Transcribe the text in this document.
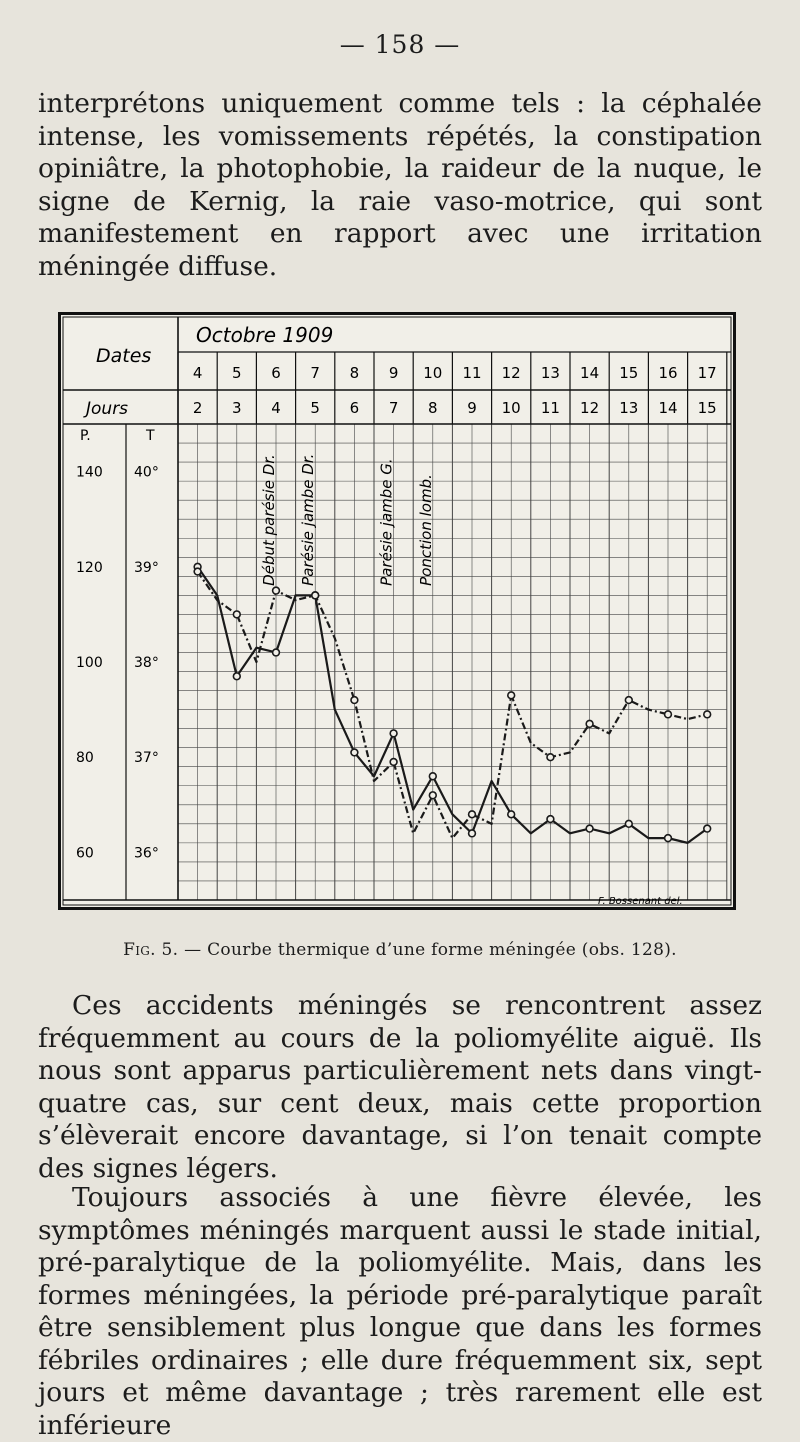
— 158 —

interprétons uniquement comme tels : la céphalée intense, les vomissements répétés, la constipation opiniâtre, la photophobie, la raideur de la nuque, le signe de Kernig, la raie vaso-motrice, qui sont manifestement en rapport avec une irritation méningée diffuse.

Octobre 1909
Dates
Jours
4 5 6 7 8 9 10 11 12 13 14 15 16 17
2 3 4 5 6 7 8 9 10 11 12 13 14 15
P.	T
40°
140
39°
120
38°
100
37°
80
36°
60
Début parésie Dr. Parésie jambe Dr.	Parésie jambe G. Ponction lomb.
F. Bossenant del.
Fig. 5. — Courbe thermique d’une forme méningée (obs. 128).

Ces accidents méningés se rencontrent assez fréquemment au cours de la poliomyélite aiguë. Ils nous sont apparus particulièrement nets dans vingt-quatre cas, sur cent deux, mais cette proportion s’élèverait encore davantage, si l’on tenait compte des signes légers.

Toujours associés à une fièvre élevée, les symptômes méningés marquent aussi le stade initial, pré-paralytique de la poliomyélite. Mais, dans les formes méningées, la période pré-paralytique paraît être sensiblement plus longue que dans les formes fébriles ordinaires ; elle dure fréquemment six, sept jours et même davantage ; très rarement elle est inférieure
